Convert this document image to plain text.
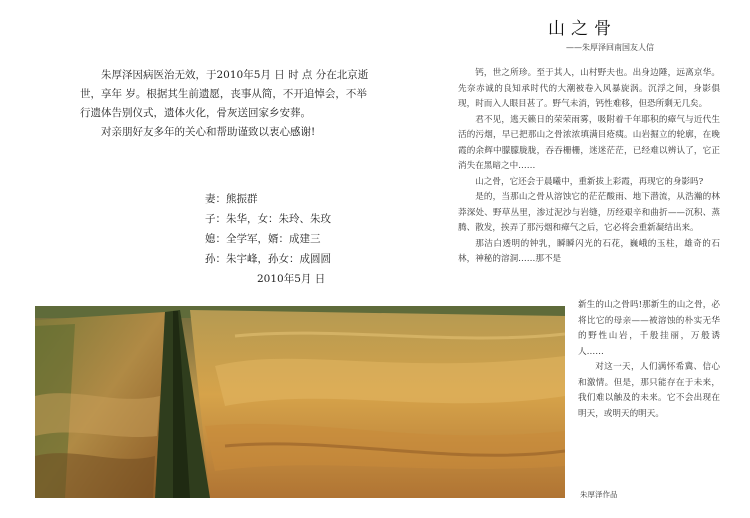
朱厚泽因病医治无效，于2010年5月 日 时 点 分在北京逝世，享年 岁。根据其生前遗愿，丧事从简，不开追悼会，不举行遗体告别仪式，遗体火化，骨灰送回家乡安葬。

对亲朋好友多年的关心和帮助谨致以衷心感谢!

妻：熊振群
子：朱华，女：朱玲、朱玫
媳：全学军，婿：成建三
孙：朱宇峰，孙女：成圆圆
2010年5月 日
山之骨
——朱厚泽回南国友人信

钙，世之所珍。至于其人，山村野夫也。出身边陲，远离京华。先奈赤诚的良知承时代的大潮被卷入风暴旋涡。沉浮之间，身影俱现，时而入人眼目甚了。野气未消，钙性难移，但恐所剩无几矣。

君不见，逃天籁日的荣荣雨雾，吸附着千年耶积的瘴气与近代生活的污烟，早已把那山之骨浓浓填满目疮痍。山岩掘立的轮廓，在晚霞的余辉中朦朦胧胧，吞吞栅栅，迷迷茫茫，已经难以辨认了，它正消失在黑暗之中……

山之骨，它还会于晨曦中，重新拔上彩霞，再现它的身影吗?

是的，当那山之骨从溶蚀它的茫茫酸雨、地下潜流，从浩瀚的林莽深处、野草丛里，渗过泥沙与岩缝，历经艰辛和曲折——沉积、蒸腾、散发，挨弄了那污烟和瘴气之后，它必将会重新凝结出来。

那洁白透明的钟乳，瞬瞬闪光的石花，巍峨的玉柱，雄奇的石林，神秘的溶洞……那不是

新生的山之骨吗!那新生的山之骨，必将比它的母亲——被溶蚀的朴实无华的野性山岩，千般挂丽，万般诱人……

对这一天，人们满怀希冀、信心和激情。但是，那只能存在于未来，我们难以触及的未来。它不会出现在明天，或明天的明天。

朱厚泽作品
